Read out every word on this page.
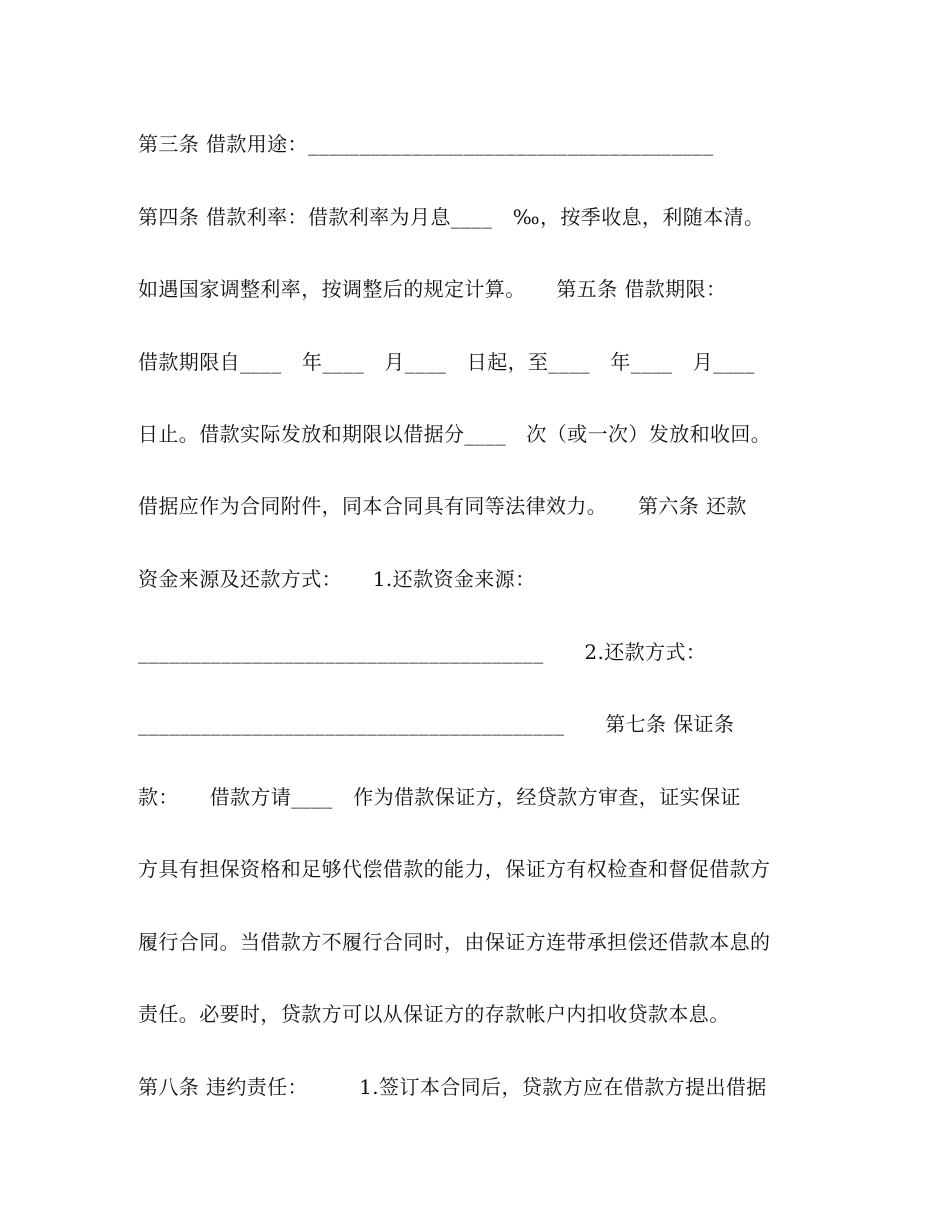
第三条 借款用途：_______________________________________
第四条 借款利率：借款利率为月息____　‰，按季收息，利随本清。
如遇国家调整利率，按调整后的规定计算。　　第五条 借款期限：
借款期限自____　年____　月____　日起，至____　年____　月____
日止。借款实际发放和期限以借据分____　次（或一次）发放和收回。
借据应作为合同附件，同本合同具有同等法律效力。　　第六条 还款
资金来源及还款方式：　　1.还款资金来源：
_______________________________________　　2.还款方式：
_________________________________________　　第七条 保证条
款：　　借款方请____　作为借款保证方，经贷款方审查，证实保证
方具有担保资格和足够代偿借款的能力，保证方有权检查和督促借款方
履行合同。当借款方不履行合同时，由保证方连带承担偿还借款本息的
责任。必要时，贷款方可以从保证方的存款帐户内扣收贷款本息。
第八条 违约责任：　　　1.签订本合同后，贷款方应在借款方提出借据
